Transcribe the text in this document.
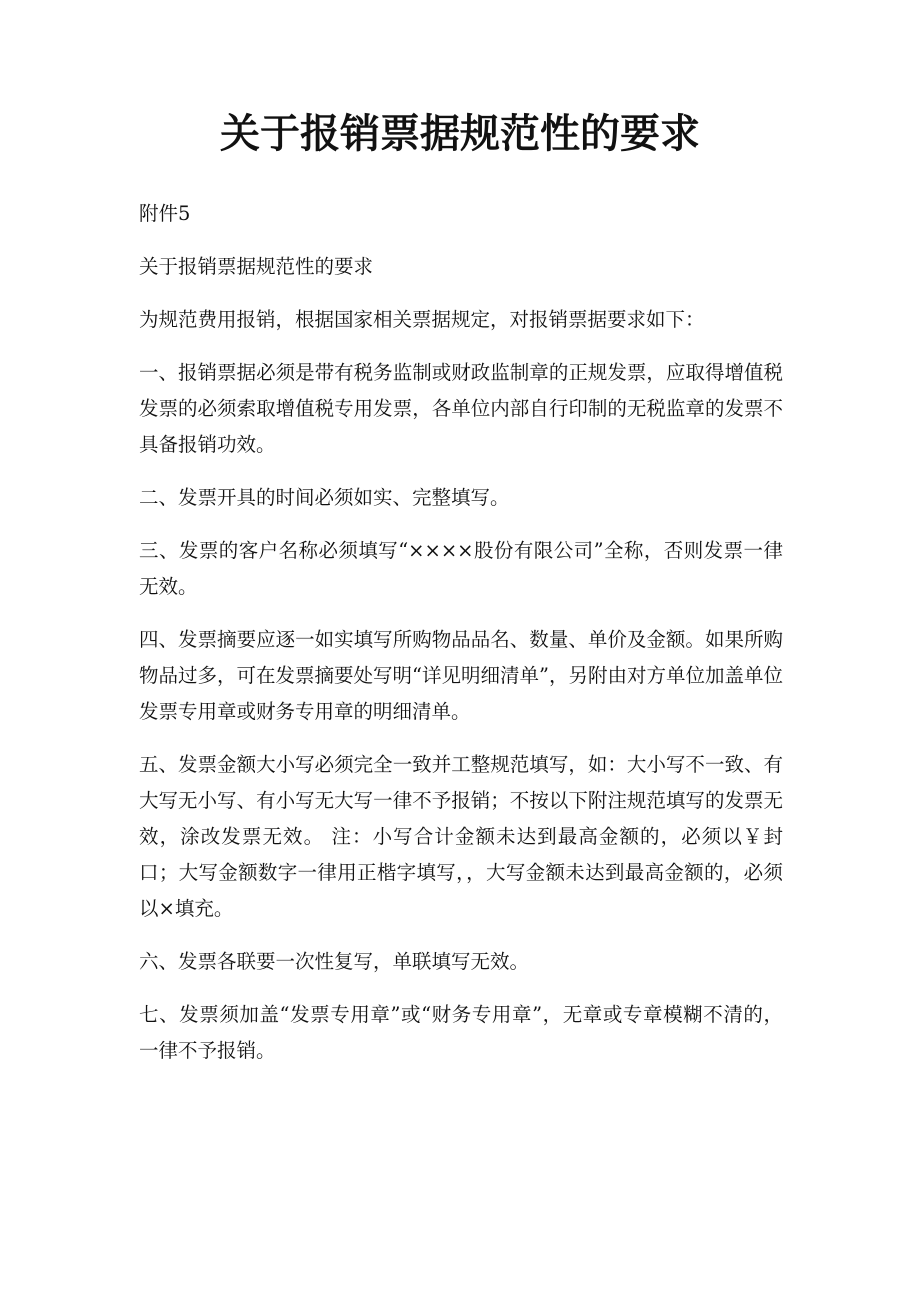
关于报销票据规范性的要求

附件5

关于报销票据规范性的要求

为规范费用报销，根据国家相关票据规定，对报销票据要求如下：

一、报销票据必须是带有税务监制或财政监制章的正规发票，应取得增值税发票的必须索取增值税专用发票，各单位内部自行印制的无税监章的发票不具备报销功效。

二、发票开具的时间必须如实、完整填写。

三、发票的客户名称必须填写“××××股份有限公司”全称，否则发票一律无效。

四、发票摘要应逐一如实填写所购物品品名、数量、单价及金额。如果所购物品过多，可在发票摘要处写明“详见明细清单”，另附由对方单位加盖单位发票专用章或财务专用章的明细清单。

五、发票金额大小写必须完全一致并工整规范填写，如：大小写不一致、有大写无小写、有小写无大写一律不予报销；不按以下附注规范填写的发票无效，涂改发票无效。 注：小写合计金额未达到最高金额的，必须以￥封口；大写金额数字一律用正楷字填写，，大写金额未达到最高金额的，必须以×填充。

六、发票各联要一次性复写，单联填写无效。

七、发票须加盖“发票专用章”或“财务专用章”，无章或专章模糊不清的，一律不予报销。
